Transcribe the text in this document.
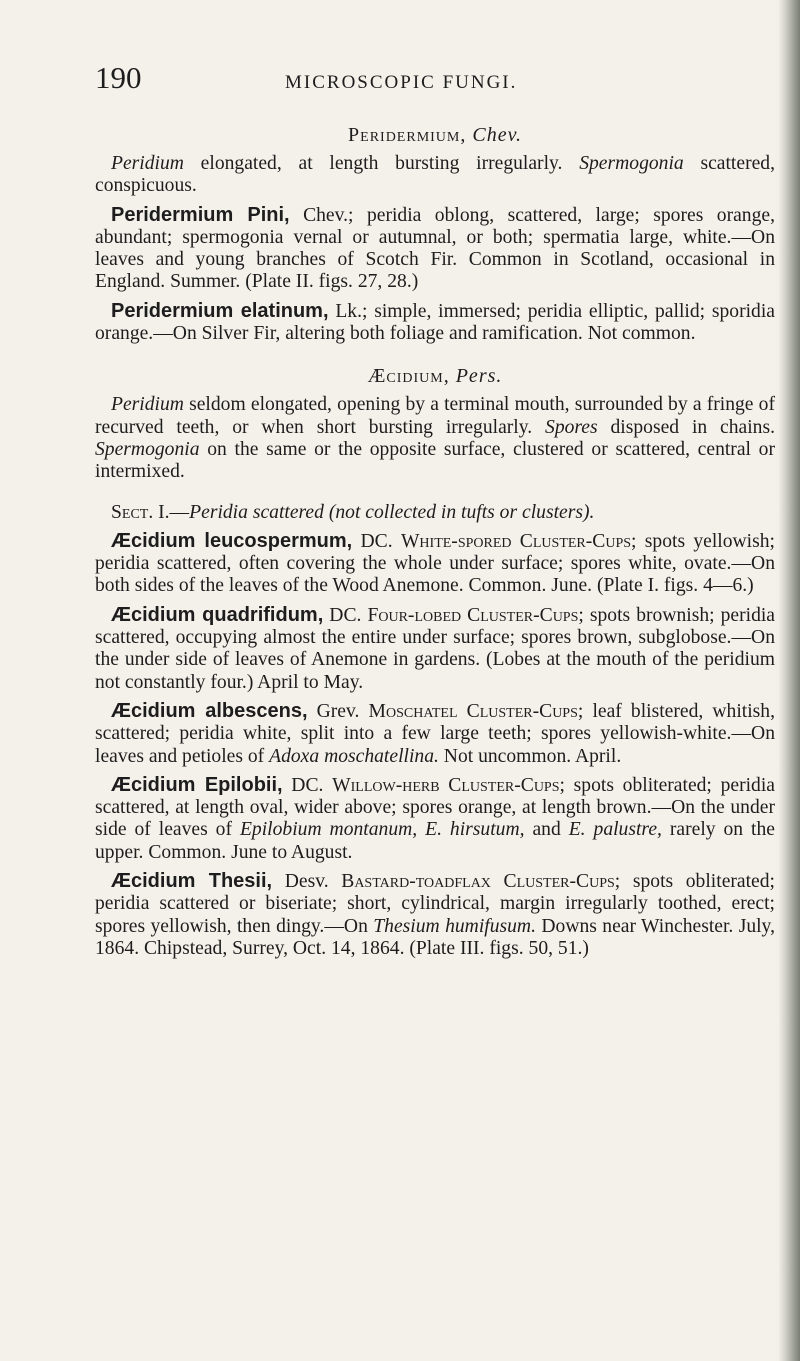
190	MICROSCOPIC FUNGI.
Peridermium, Chev.

Peridium elongated, at length bursting irregularly. Spermogonia scattered, conspicuous.

Peridermium Pini, Chev.; peridia oblong, scattered, large; spores orange, abundant; spermogonia vernal or autumnal, or both; spermatia large, white.—On leaves and young branches of Scotch Fir. Common in Scotland, occasional in England. Summer. (Plate II. figs. 27, 28.)

Peridermium elatinum, Lk.; simple, immersed; peridia elliptic, pallid; sporidia orange.—On Silver Fir, altering both foliage and ramification. Not common.

Æcidium, Pers.

Peridium seldom elongated, opening by a terminal mouth, surrounded by a fringe of recurved teeth, or when short bursting irregularly. Spores disposed in chains. Spermogonia on the same or the opposite surface, clustered or scattered, central or intermixed.

Sect. I.—Peridia scattered (not collected in tufts or clusters).

Æcidium leucospermum, DC. White-spored Cluster-Cups; spots yellowish; peridia scattered, often covering the whole under surface; spores white, ovate.—On both sides of the leaves of the Wood Anemone. Common. June. (Plate I. figs. 4—6.)

Æcidium quadrifidum, DC. Four-lobed Cluster-Cups; spots brownish; peridia scattered, occupying almost the entire under surface; spores brown, subglobose.—On the under side of leaves of Anemone in gardens. (Lobes at the mouth of the peridium not constantly four.) April to May.

Æcidium albescens, Grev. Moschatel Cluster-Cups; leaf blistered, whitish, scattered; peridia white, split into a few large teeth; spores yellowish-white.—On leaves and petioles of Adoxa moschatellina. Not uncommon. April.

Æcidium Epilobii, DC. Willow-herb Cluster-Cups; spots obliterated; peridia scattered, at length oval, wider above; spores orange, at length brown.—On the under side of leaves of Epilobium montanum, E. hirsutum, and E. palustre, rarely on the upper. Common. June to August.

Æcidium Thesii, Desv. Bastard-toadflax Cluster-Cups; spots obliterated; peridia scattered or biseriate; short, cylindrical, margin irregularly toothed, erect; spores yellowish, then dingy.—On Thesium humifusum. Downs near Winchester. July, 1864. Chipstead, Surrey, Oct. 14, 1864. (Plate III. figs. 50, 51.)
